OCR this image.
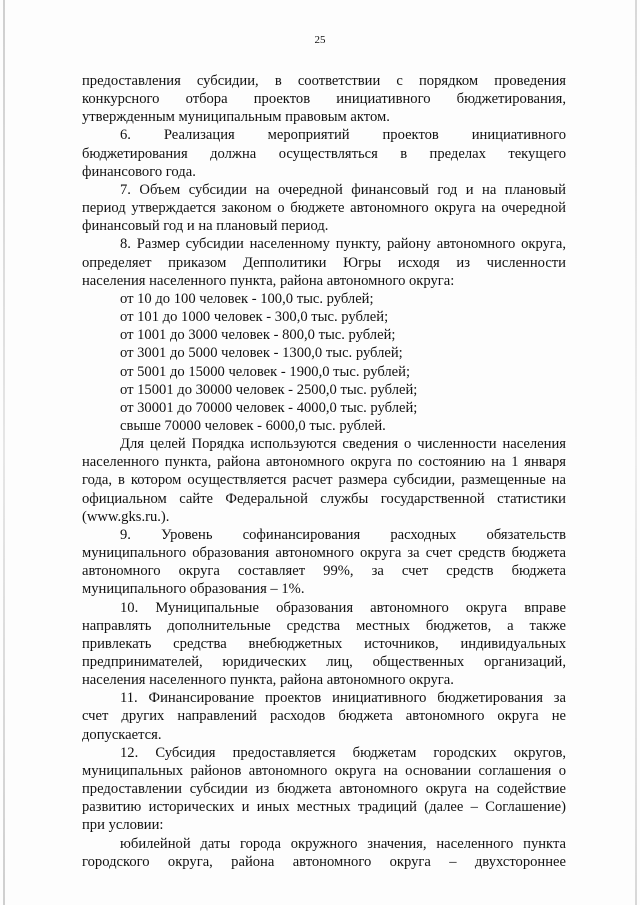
25

предоставления субсидии, в соответствии с порядком проведения

конкурсного отбора проектов инициативного бюджетирования,

утвержденным муниципальным правовым актом.

6. Реализация мероприятий проектов инициативного

бюджетирования должна осуществляться в пределах текущего

финансового года.

7. Объем субсидии на очередной финансовый год и на плановый

период утверждается законом о бюджете автономного округа на очередной

финансовый год и на плановый период.

8. Размер субсидии населенному пункту, району автономного округа,

определяет приказом Депполитики Югры исходя из численности

населения населенного пункта, района автономного округа:

от 10 до 100 человек - 100,0 тыс. рублей;

от 101 до 1000 человек - 300,0 тыс. рублей;

от 1001 до 3000 человек - 800,0 тыс. рублей;

от 3001 до 5000 человек - 1300,0 тыс. рублей;

от 5001 до 15000 человек - 1900,0 тыс. рублей;

от 15001 до 30000 человек - 2500,0 тыс. рублей;

от 30001 до 70000 человек - 4000,0 тыс. рублей;

свыше 70000 человек - 6000,0 тыс. рублей.

Для целей Порядка используются сведения о численности населения

населенного пункта, района автономного округа по состоянию на 1 января

года, в котором осуществляется расчет размера субсидии, размещенные на

официальном сайте Федеральной службы государственной статистики

(www.gks.ru.).

9. Уровень софинансирования расходных обязательств

муниципального образования автономного округа за счет средств бюджета

автономного округа составляет 99%, за счет средств бюджета

муниципального образования – 1%.

10. Муниципальные образования автономного округа вправе

направлять дополнительные средства местных бюджетов, а также

привлекать средства внебюджетных источников, индивидуальных

предпринимателей, юридических лиц, общественных организаций,

населения населенного пункта, района автономного округа.

11. Финансирование проектов инициативного бюджетирования за

счет других направлений расходов бюджета автономного округа не

допускается.

12. Субсидия предоставляется бюджетам городских округов,

муниципальных районов автономного округа на основании соглашения о

предоставлении субсидии из бюджета автономного округа на содействие

развитию исторических и иных местных традиций (далее – Соглашение)

при условии:

юбилейной даты города окружного значения, населенного пункта

городского округа, района автономного округа – двухстороннее
